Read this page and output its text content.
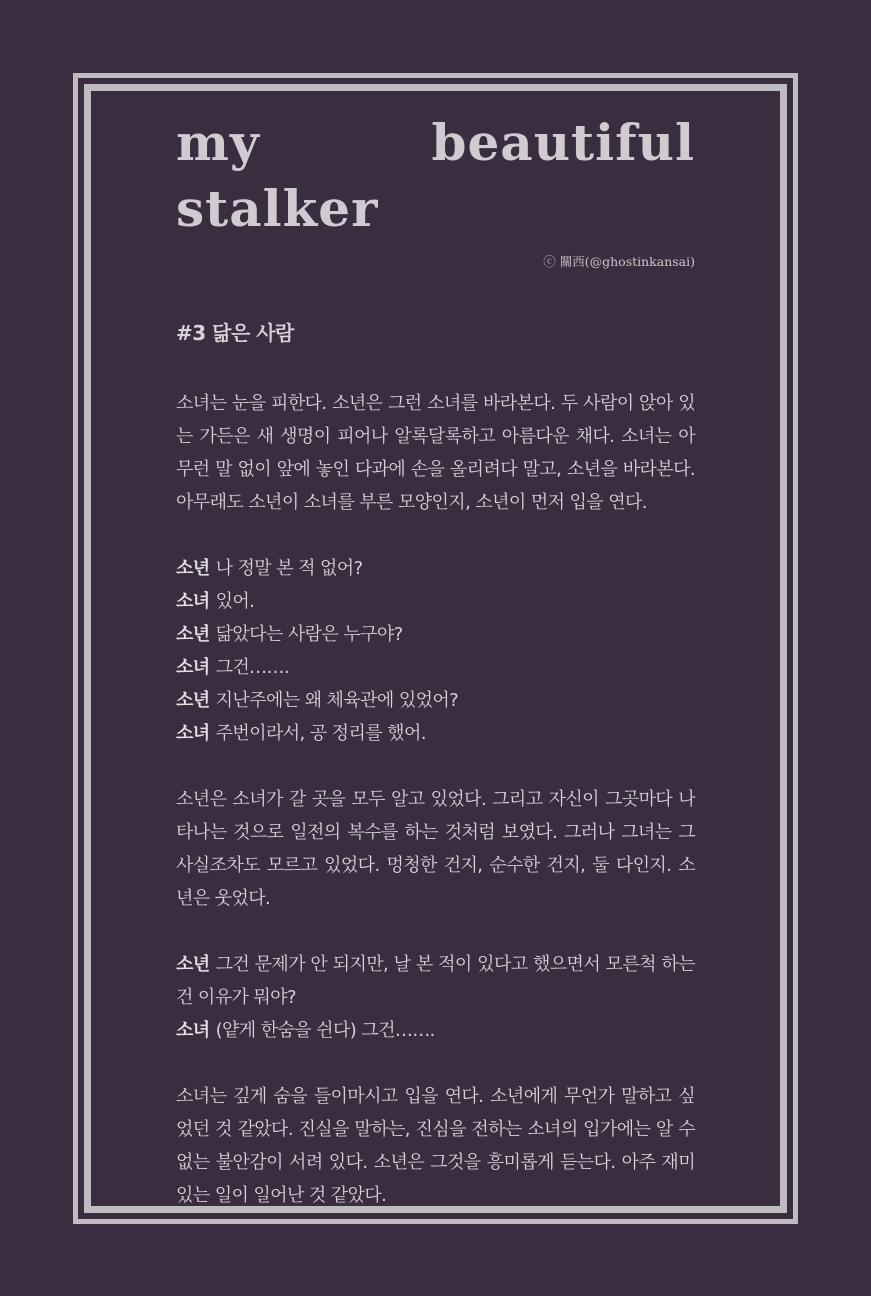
my beautiful stalker
ⓒ 關西(@ghostinkansai)
#3 닮은 사람

소녀는 눈을 피한다. 소년은 그런 소녀를 바라본다. 두 사람이 앉아 있는 가든은 새 생명이 피어나 알록달록하고 아름다운 채다. 소녀는 아무런 말 없이 앞에 놓인 다과에 손을 올리려다 말고, 소년을 바라본다. 아무래도 소년이 소녀를 부른 모양인지, 소년이 먼저 입을 연다.

소년 나 정말 본 적 없어?
소녀 있어.
소년 닮았다는 사람은 누구야?
소녀 그건…….
소년 지난주에는 왜 체육관에 있었어?
소녀 주번이라서, 공 정리를 했어.

소년은 소녀가 갈 곳을 모두 알고 있었다. 그리고 자신이 그곳마다 나타나는 것으로 일전의 복수를 하는 것처럼 보였다. 그러나 그녀는 그 사실조차도 모르고 있었다. 멍청한 건지, 순수한 건지, 둘 다인지. 소년은 웃었다.

소년 그건 문제가 안 되지만, 날 본 적이 있다고 했으면서 모른척 하는 건 이유가 뭐야?
소녀 (얕게 한숨을 쉰다) 그건…….

소녀는 깊게 숨을 들이마시고 입을 연다. 소년에게 무언가 말하고 싶었던 것 같았다. 진실을 말하는, 진심을 전하는 소녀의 입가에는 알 수 없는 불안감이 서려 있다. 소년은 그것을 흥미롭게 듣는다. 아주 재미있는 일이 일어난 것 같았다.
